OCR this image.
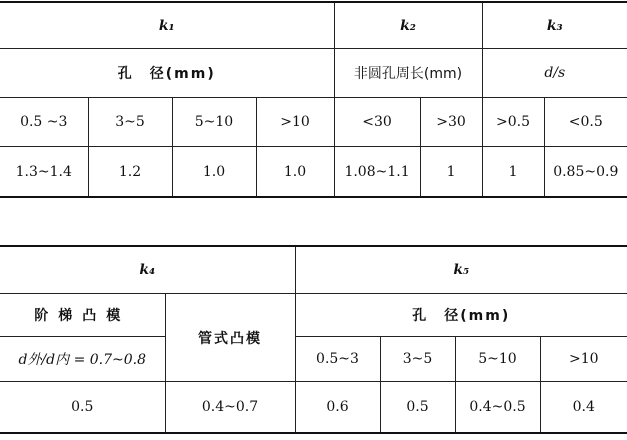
k₁				k₂		k₃	
孔　径(mm)				非圆孔周长(mm)		d/s	
0.5 ~3	3~5	5~10	>10	<30	>30	>0.5	<0.5
1.3~1.4	1.2	1.0	1.0	1.08~1.1	1	1	0.85~0.9
k₄		k₅			
阶梯凸模	管式凸模	孔　径(mm)			
d外/d内 = 0.7~0.8		0.5~3	3~5	5~10	>10
0.5	0.4~0.7	0.6	0.5	0.4~0.5	0.4
